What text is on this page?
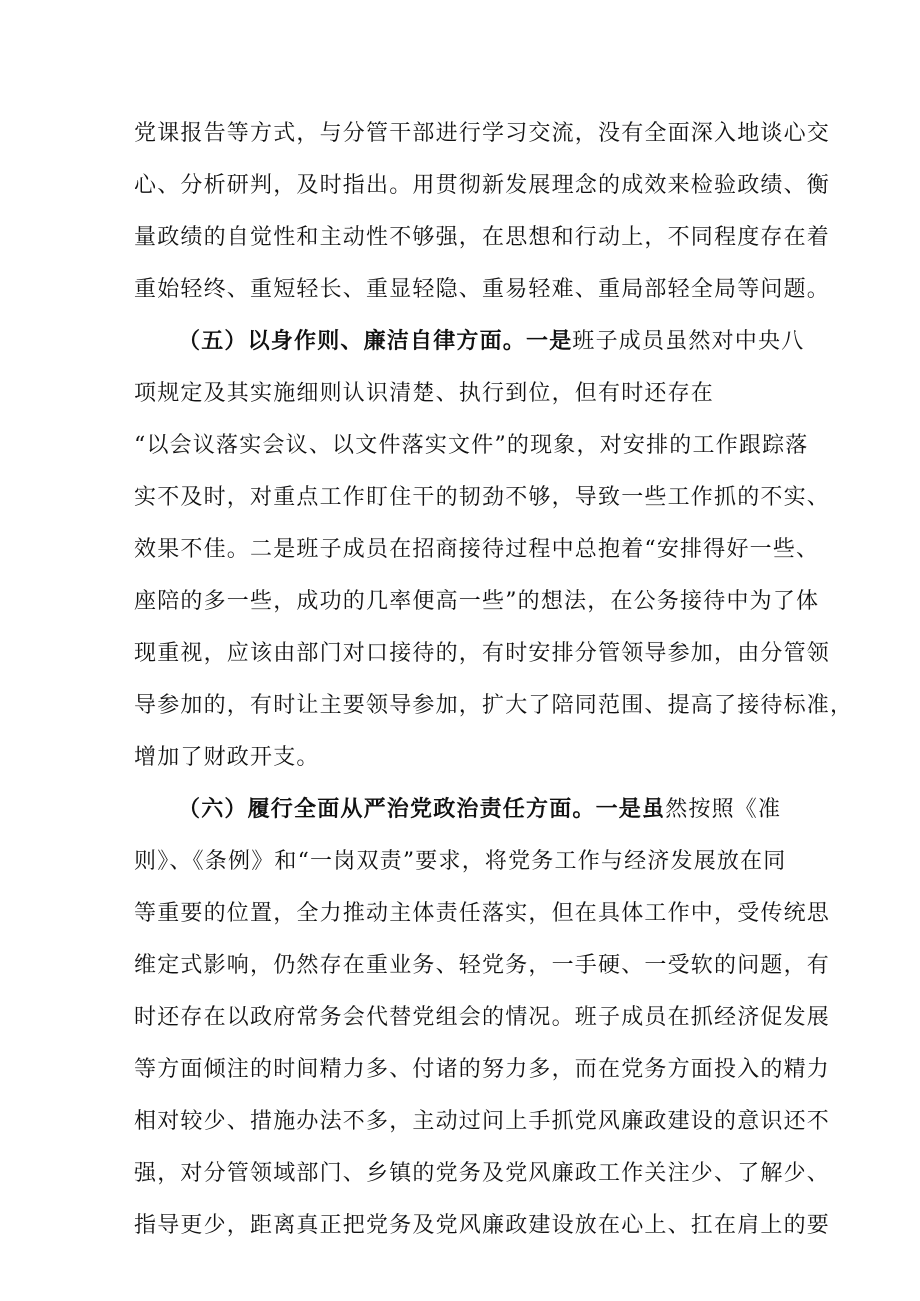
党课报告等方式，与分管干部进行学习交流，没有全面深入地谈心交
心、分析研判，及时指出。用贯彻新发展理念的成效来检验政绩、衡
量政绩的自觉性和主动性不够强，在思想和行动上，不同程度存在着
重始轻终、重短轻长、重显轻隐、重易轻难、重局部轻全局等问题。
（五）以身作则、廉洁自律方面。一是班子成员虽然对中央八
项规定及其实施细则认识清楚、执行到位，但有时还存在
“以会议落实会议、以文件落实文件”的现象，对安排的工作跟踪落
实不及时，对重点工作盯住干的韧劲不够，导致一些工作抓的不实、
效果不佳。二是班子成员在招商接待过程中总抱着“安排得好一些、
座陪的多一些，成功的几率便高一些”的想法，在公务接待中为了体
现重视，应该由部门对口接待的，有时安排分管领导参加，由分管领
导参加的，有时让主要领导参加，扩大了陪同范围、提高了接待标准，
增加了财政开支。
（六）履行全面从严治党政治责任方面。一是虽然按照《准
则》、《条例》和“一岗双责”要求，将党务工作与经济发展放在同
等重要的位置，全力推动主体责任落实，但在具体工作中，受传统思
维定式影响，仍然存在重业务、轻党务，一手硬、一受软的问题，有
时还存在以政府常务会代替党组会的情况。班子成员在抓经济促发展
等方面倾注的时间精力多、付诸的努力多，而在党务方面投入的精力
相对较少、措施办法不多，主动过问上手抓党风廉政建设的意识还不
强，对分管领域部门、乡镇的党务及党风廉政工作关注少、了解少、
指导更少，距离真正把党务及党风廉政建设放在心上、扛在肩上的要
